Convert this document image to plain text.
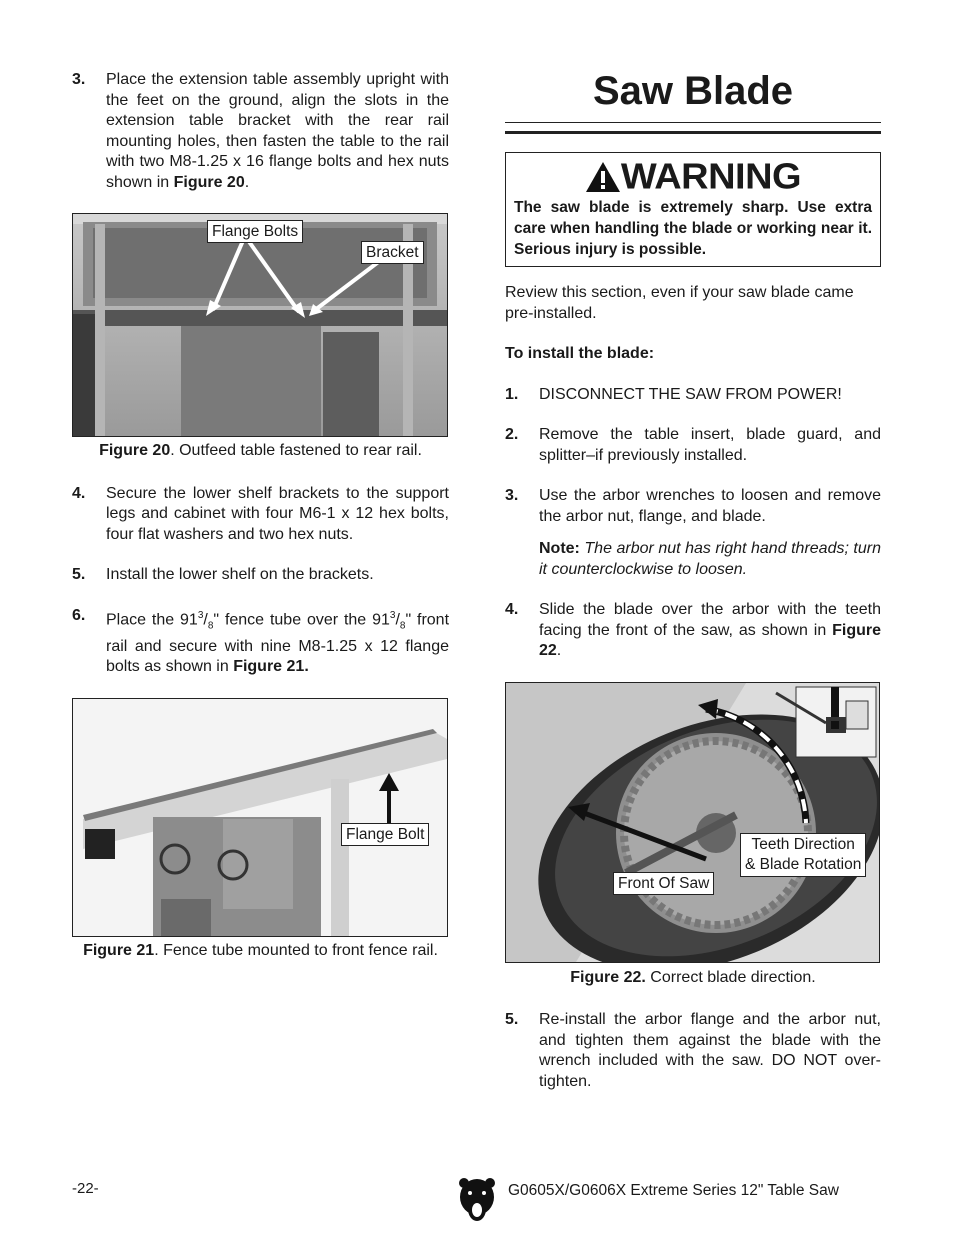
3.	Place the extension table assembly upright with the feet on the ground, align the slots in the extension table bracket with the rear rail mounting holes, then fasten the table to the rail with two M8-1.25 x 16 flange bolts and hex nuts shown in Figure 20.
Flange Bolts
Bracket
Figure 20. Outfeed table fastened to rear rail.
4.	Secure the lower shelf brackets to the support legs and cabinet with four M6-1 x 12 hex bolts, four flat washers and two hex nuts.
5.	Install the lower shelf on the brackets.
6.	Place the $91^3/_8$" fence tube over the $91^3/_8$" front rail and secure with nine M8-1.25 x 12 flange bolts as shown in Figure 21.
Flange Bolt
Figure 21. Fence tube mounted to front fence rail.
Saw Blade
WARNING
The saw blade is extremely sharp. Use extra care when handling the blade or working near it. Serious injury is possible.
Review this section, even if your saw blade came pre-installed.
To install the blade:
1.	DISCONNECT THE SAW FROM POWER!
2.	Remove the table insert, blade guard, and splitter–if previously installed.
3.	Use the arbor wrenches to loosen and remove the arbor nut, flange, and blade.
Note: The arbor nut has right hand threads; turn it counterclockwise to loosen.
4.	Slide the blade over the arbor with the teeth facing the front of the saw, as shown in Figure 22.
Teeth Direction
& Blade Rotation
Front Of Saw
Figure 22. Correct blade direction.
5.	Re-install the arbor flange and the arbor nut, and tighten them against the blade with the wrench included with the saw. DO NOT over-tighten.
-22-	G0605X/G0606X Extreme Series 12" Table Saw
